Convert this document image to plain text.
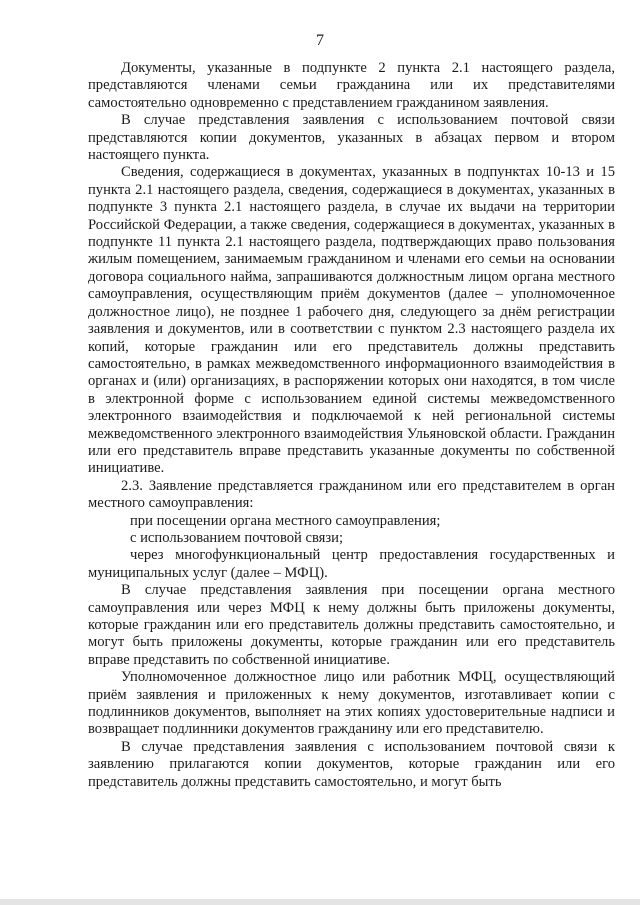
7

Документы, указанные в подпункте 2 пункта 2.1 настоящего раздела, представляются членами семьи гражданина или их представителями самостоятельно одновременно с представлением гражданином заявления.

В случае представления заявления с использованием почтовой связи представляются копии документов, указанных в абзацах первом и втором настоящего пункта.

Сведения, содержащиеся в документах, указанных в подпунктах 10-13 и 15 пункта 2.1 настоящего раздела, сведения, содержащиеся в документах, указанных в подпункте 3 пункта 2.1 настоящего раздела, в случае их выдачи на территории Российской Федерации, а также сведения, содержащиеся в документах, указанных в подпункте 11 пункта 2.1 настоящего раздела, подтверждающих право пользования жилым помещением, занимаемым гражданином и членами его семьи на основании договора социального найма, запрашиваются должностным лицом органа местного самоуправления, осуществляющим приём документов (далее – уполномоченное должностное лицо), не позднее 1 рабочего дня, следующего за днём регистрации заявления и документов, или в соответствии с пунктом 2.3 настоящего раздела их копий, которые гражданин или его представитель должны представить самостоятельно, в рамках межведомственного информационного взаимодействия в органах и (или) организациях, в распоряжении которых они находятся, в том числе в электронной форме с использованием единой системы межведомственного электронного взаимодействия и подключаемой к ней региональной системы межведомственного электронного взаимодействия Ульяновской области. Гражданин или его представитель вправе представить указанные документы по собственной инициативе.

2.3. Заявление представляется гражданином или его представителем в орган местного самоуправления:

при посещении органа местного самоуправления;

с использованием почтовой связи;

через многофункциональный центр предоставления государственных и муниципальных услуг (далее – МФЦ).

В случае представления заявления при посещении органа местного самоуправления или через МФЦ к нему должны быть приложены документы, которые гражданин или его представитель должны представить самостоятельно, и могут быть приложены документы, которые гражданин или его представитель вправе представить по собственной инициативе.

Уполномоченное должностное лицо или работник МФЦ, осуществляющий приём заявления и приложенных к нему документов, изготавливает копии с подлинников документов, выполняет на этих копиях удостоверительные надписи и возвращает подлинники документов гражданину или его представителю.

В случае представления заявления с использованием почтовой связи к заявлению прилагаются копии документов, которые гражданин или его представитель должны представить самостоятельно, и могут быть
